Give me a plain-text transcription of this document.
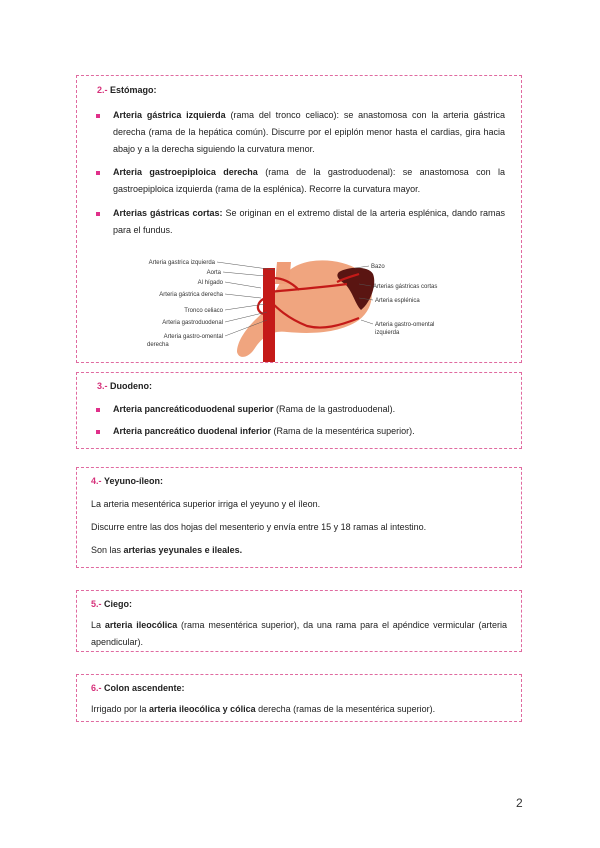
2.- Estómago:
Arteria gástrica izquierda (rama del tronco celiaco): se anastomosa con la arteria gástrica derecha (rama de la hepática común). Discurre por el epiplón menor hasta el cardias, gira hacia abajo y a la derecha siguiendo la curvatura menor.
Arteria gastroepiploica derecha (rama de la gastroduodenal): se anastomosa con la gastroepiploica izquierda (rama de la esplénica). Recorre la curvatura mayor.
Arterias gástricas cortas: Se originan en el extremo distal de la arteria esplénica, dando ramas para el fundus.
Arteria gastrica izquierda
Aorta
Al hígado
Arteria gástrica derecha
Tronco celiaco
Arteria gastroduodenal
Arteria gastro-omental
derecha
Bazo
Arterias gástricas cortas
Arteria esplénica
Arteria gastro-omental
izquierda
3.- Duodeno:
Arteria pancreáticoduodenal superior (Rama de la gastroduodenal).
Arteria pancreático duodenal inferior (Rama de la mesentérica superior).
4.- Yeyuno-íleon:
La arteria mesentérica superior irriga el yeyuno y el íleon.
Discurre entre las dos hojas del mesenterio y envía entre 15 y 18 ramas al intestino.
Son las arterias yeyunales e ileales.
5.- Ciego:
La arteria ileocólica (rama mesentérica superior), da una rama para el apéndice vermicular (arteria apendicular).
6.- Colon ascendente:
Irrigado por la arteria ileocólica y cólica derecha (ramas de la mesentérica superior).
2
